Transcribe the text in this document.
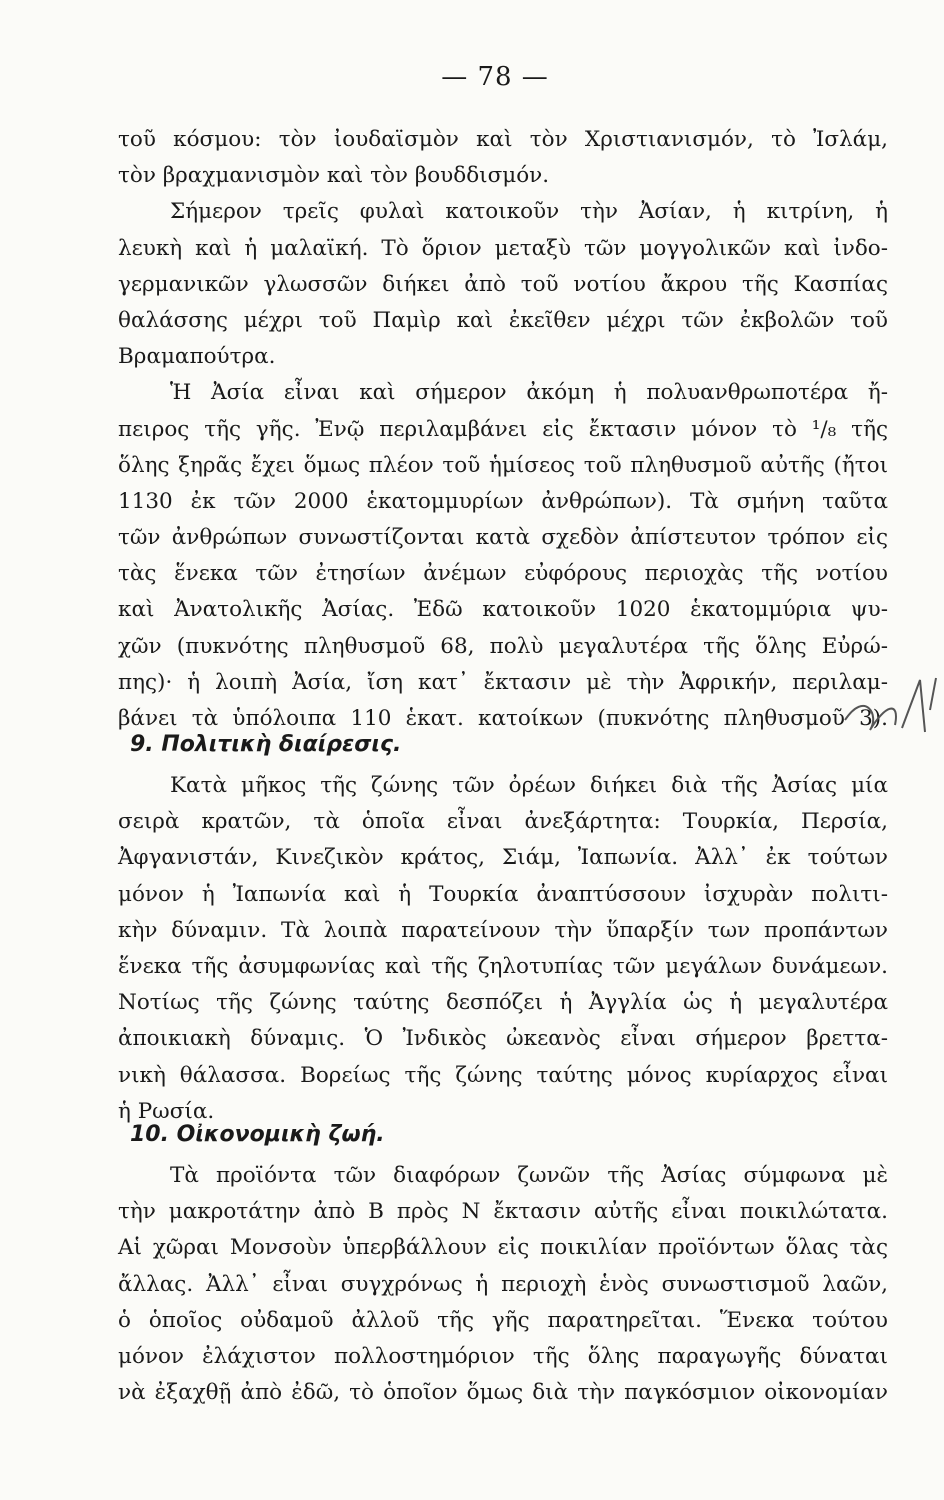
— 78 —
τοῦ κόσμου: τὸν ἰουδαϊσμὸν καὶ τὸν Χριστιανισμόν, τὸ Ἰσλάμ,
τὸν βραχμανισμὸν καὶ τὸν βουδδισμόν.
Σήμερον τρεῖς φυλαὶ κατοικοῦν τὴν Ἀσίαν, ἡ κιτρίνη, ἡ
λευκὴ καὶ ἡ μαλαϊκή. Τὸ ὅριον μεταξὺ τῶν μογγολικῶν καὶ ἰνδο-
γερμανικῶν γλωσσῶν διήκει ἀπὸ τοῦ νοτίου ἄκρου τῆς Κασπίας
θαλάσσης μέχρι τοῦ Παμὶρ καὶ ἐκεῖθεν μέχρι τῶν ἐκβολῶν τοῦ
Βραμαπούτρα.
Ἡ Ἀσία εἶναι καὶ σήμερον ἀκόμη ἡ πολυανθρωποτέρα ἤ-
πειρος τῆς γῆς. Ἐνῷ περιλαμβάνει εἰς ἔκτασιν μόνον τὸ ¹/₈ τῆς
ὅλης ξηρᾶς ἔχει ὅμως πλέον τοῦ ἡμίσεος τοῦ πληθυσμοῦ αὐτῆς (ἤτοι
1130 ἐκ τῶν 2000 ἑκατομμυρίων ἀνθρώπων). Τὰ σμήνη ταῦτα
τῶν ἀνθρώπων συνωστίζονται κατὰ σχεδὸν ἀπίστευτον τρόπον εἰς
τὰς ἕνεκα τῶν ἐτησίων ἀνέμων εὐφόρους περιοχὰς τῆς νοτίου
καὶ Ἀνατολικῆς Ἀσίας. Ἐδῶ κατοικοῦν 1020 ἑκατομμύρια ψυ-
χῶν (πυκνότης πληθυσμοῦ 68, πολὺ μεγαλυτέρα τῆς ὅλης Εὐρώ-
πης)· ἡ λοιπὴ Ἀσία, ἴση κατ᾽ ἔκτασιν μὲ τὴν Ἀφρικήν, περιλαμ-
βάνει τὰ ὑπόλοιπα 110 ἑκατ. κατοίκων (πυκνότης πληθυσμοῦ 3).
9. Πολιτικὴ διαίρεσις.
Κατὰ μῆκος τῆς ζώνης τῶν ὀρέων διήκει διὰ τῆς Ἀσίας μία
σειρὰ κρατῶν, τὰ ὁποῖα εἶναι ἀνεξάρτητα: Τουρκία, Περσία,
Ἀφγανιστάν, Κινεζικὸν κράτος, Σιάμ, Ἰαπωνία. Ἀλλ᾽ ἐκ τούτων
μόνον ἡ Ἰαπωνία καὶ ἡ Τουρκία ἀναπτύσσουν ἰσχυρὰν πολιτι-
κὴν δύναμιν. Τὰ λοιπὰ παρατείνουν τὴν ὕπαρξίν των προπάντων
ἕνεκα τῆς ἀσυμφωνίας καὶ τῆς ζηλοτυπίας τῶν μεγάλων δυνάμεων.
Νοτίως τῆς ζώνης ταύτης δεσπόζει ἡ Ἀγγλία ὡς ἡ μεγαλυτέρα
ἀποικιακὴ δύναμις. Ὁ Ἰνδικὸς ὠκεανὸς εἶναι σήμερον βρεττα-
νικὴ θάλασσα. Βορείως τῆς ζώνης ταύτης μόνος κυρίαρχος εἶναι
ἡ Ρωσία.
10. Οἰκονομικὴ ζωή.
Τὰ προϊόντα τῶν διαφόρων ζωνῶν τῆς Ἀσίας σύμφωνα μὲ
τὴν μακροτάτην ἀπὸ Β πρὸς Ν ἔκτασιν αὐτῆς εἶναι ποικιλώτατα.
Αἱ χῶραι Μονσοὺν ὑπερβάλλουν εἰς ποικιλίαν προϊόντων ὅλας τὰς
ἄλλας. Ἀλλ᾽ εἶναι συγχρόνως ἡ περιοχὴ ἑνὸς συνωστισμοῦ λαῶν,
ὁ ὁποῖος οὐδαμοῦ ἀλλοῦ τῆς γῆς παρατηρεῖται. Ἕνεκα τούτου
μόνον ἐλάχιστον πολλοστημόριον τῆς ὅλης παραγωγῆς δύναται
νὰ ἐξαχθῇ ἀπὸ ἐδῶ, τὸ ὁποῖον ὅμως διὰ τὴν παγκόσμιον οἰκονομίαν
